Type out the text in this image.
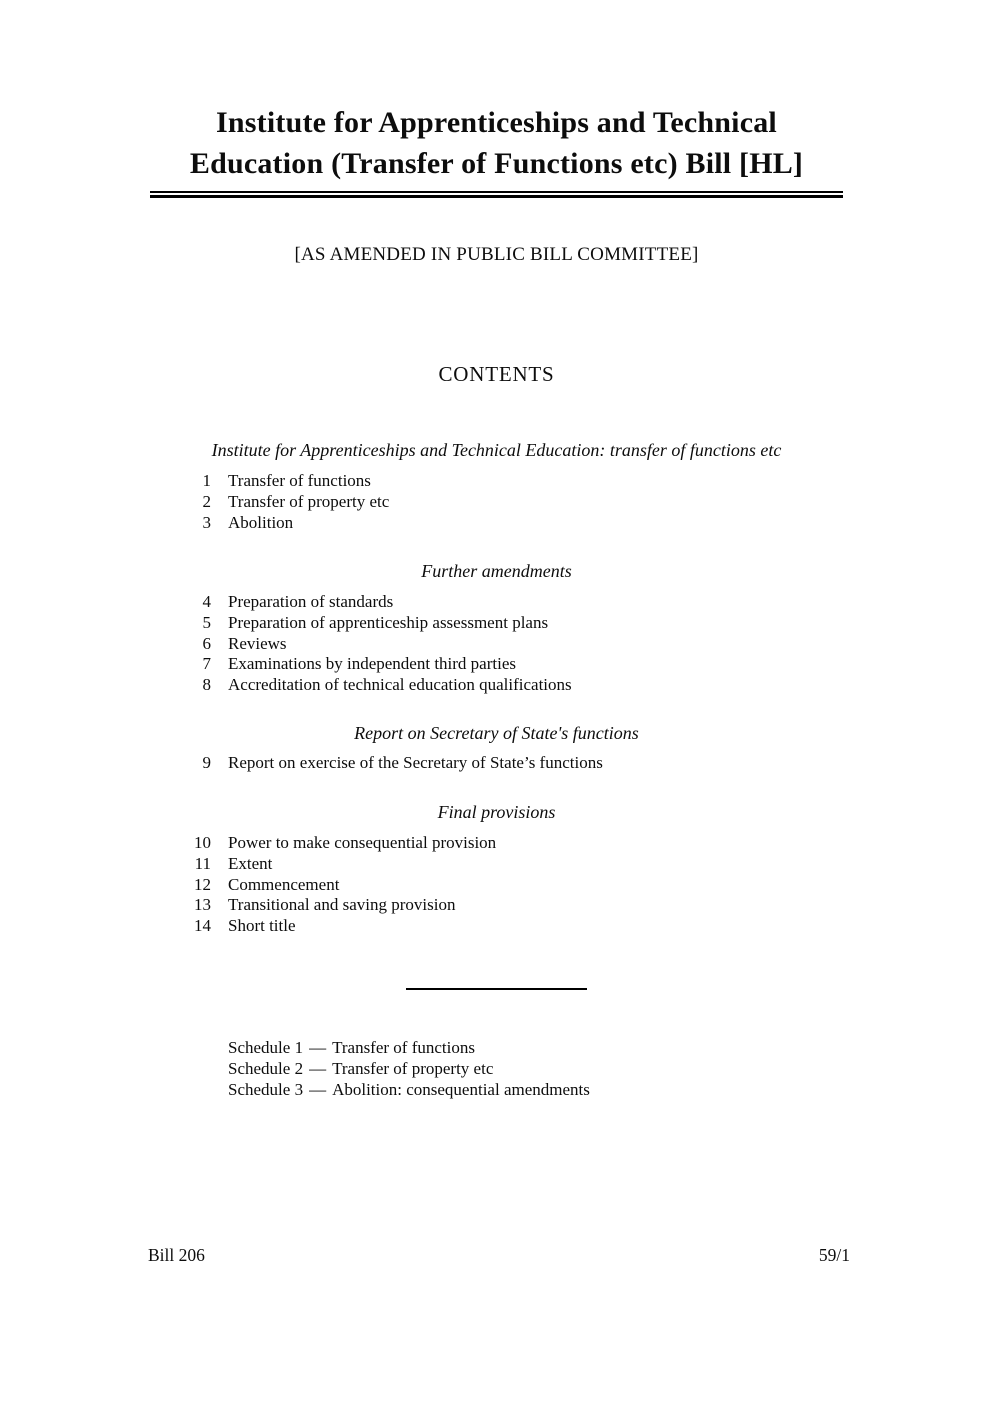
Institute for Apprenticeships and Technical
Education (Transfer of Functions etc) Bill [HL]
[AS AMENDED IN PUBLIC BILL COMMITTEE]
CONTENTS
Institute for Apprenticeships and Technical Education: transfer of functions etc
1 Transfer of functions
2 Transfer of property etc
3 Abolition
Further amendments
4 Preparation of standards
5 Preparation of apprenticeship assessment plans
6 Reviews
7 Examinations by independent third parties
8 Accreditation of technical education qualifications
Report on Secretary of State's functions
9 Report on exercise of the Secretary of State’s functions
Final provisions
10 Power to make consequential provision
11 Extent
12 Commencement
13 Transitional and saving provision
14 Short title
Schedule 1 — Transfer of functions
Schedule 2 — Transfer of property etc
Schedule 3 — Abolition: consequential amendments
Bill 206	59/1
